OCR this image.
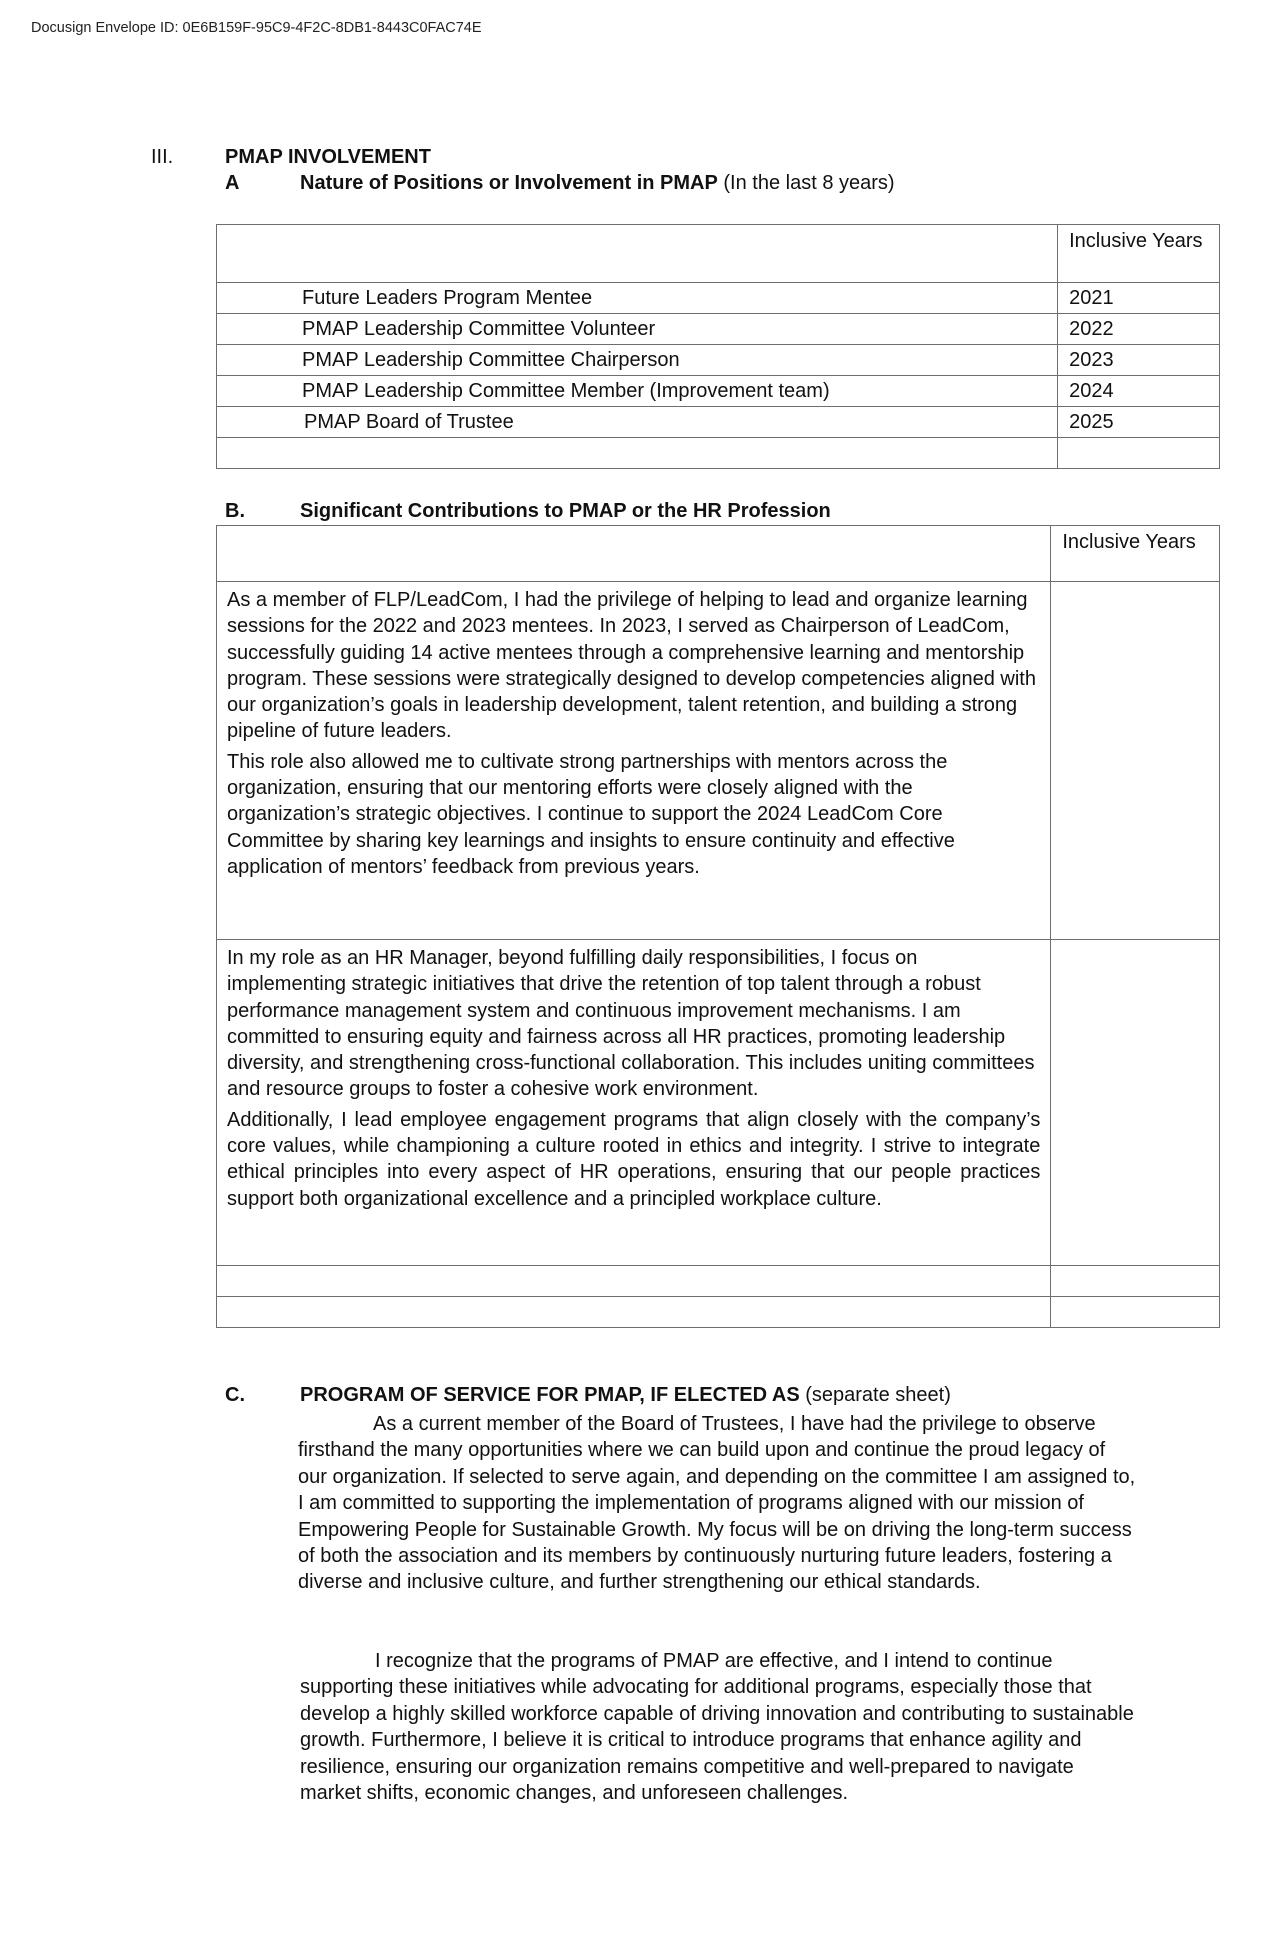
Docusign Envelope ID: 0E6B159F-95C9-4F2C-8DB1-8443C0FAC74E
III.	PMAP INVOLVEMENT
A	Nature of Positions or Involvement in PMAP (In the last 8 years)
	Inclusive Years
Future Leaders Program Mentee	2021
PMAP Leadership Committee Volunteer	2022
PMAP Leadership Committee Chairperson	2023
PMAP Leadership Committee Member (Improvement team)	2024
PMAP Board of Trustee	2025

B.	Significant Contributions to PMAP or the HR Profession
	Inclusive Years

As a member of FLP/LeadCom, I had the privilege of helping to lead and organize learning sessions for the 2022 and 2023 mentees. In 2023, I served as Chairperson of LeadCom, successfully guiding 14 active mentees through a comprehensive learning and mentorship program. These sessions were strategically designed to develop competencies aligned with our organization’s goals in leadership development, talent retention, and building a strong pipeline of future leaders.

This role also allowed me to cultivate strong partnerships with mentors across the organization, ensuring that our mentoring efforts were closely aligned with the organization’s strategic objectives. I continue to support the 2024 LeadCom Core Committee by sharing key learnings and insights to ensure continuity and effective application of mentors’ feedback from previous years.	

In my role as an HR Manager, beyond fulfilling daily responsibilities, I focus on implementing strategic initiatives that drive the retention of top talent through a robust performance management system and continuous improvement mechanisms. I am committed to ensuring equity and fairness across all HR practices, promoting leadership diversity, and strengthening cross-functional collaboration. This includes uniting committees and resource groups to foster a cohesive work environment.

Additionally, I lead employee engagement programs that align closely with the company’s core values, while championing a culture rooted in ethics and integrity. I strive to integrate ethical principles into every aspect of HR operations, ensuring that our people practices support both organizational excellence and a principled workplace culture.	

C.	PROGRAM OF SERVICE FOR PMAP, IF ELECTED AS (separate sheet)

As a current member of the Board of Trustees, I have had the privilege to observe firsthand the many opportunities where we can build upon and continue the proud legacy of our organization. If selected to serve again, and depending on the committee I am assigned to, I am committed to supporting the implementation of programs aligned with our mission of Empowering People for Sustainable Growth. My focus will be on driving the long-term success of both the association and its members by continuously nurturing future leaders, fostering a diverse and inclusive culture, and further strengthening our ethical standards.

I recognize that the programs of PMAP are effective, and I intend to continue supporting these initiatives while advocating for additional programs, especially those that develop a highly skilled workforce capable of driving innovation and contributing to sustainable growth. Furthermore, I believe it is critical to introduce programs that enhance agility and resilience, ensuring our organization remains competitive and well-prepared to navigate market shifts, economic changes, and unforeseen challenges.
